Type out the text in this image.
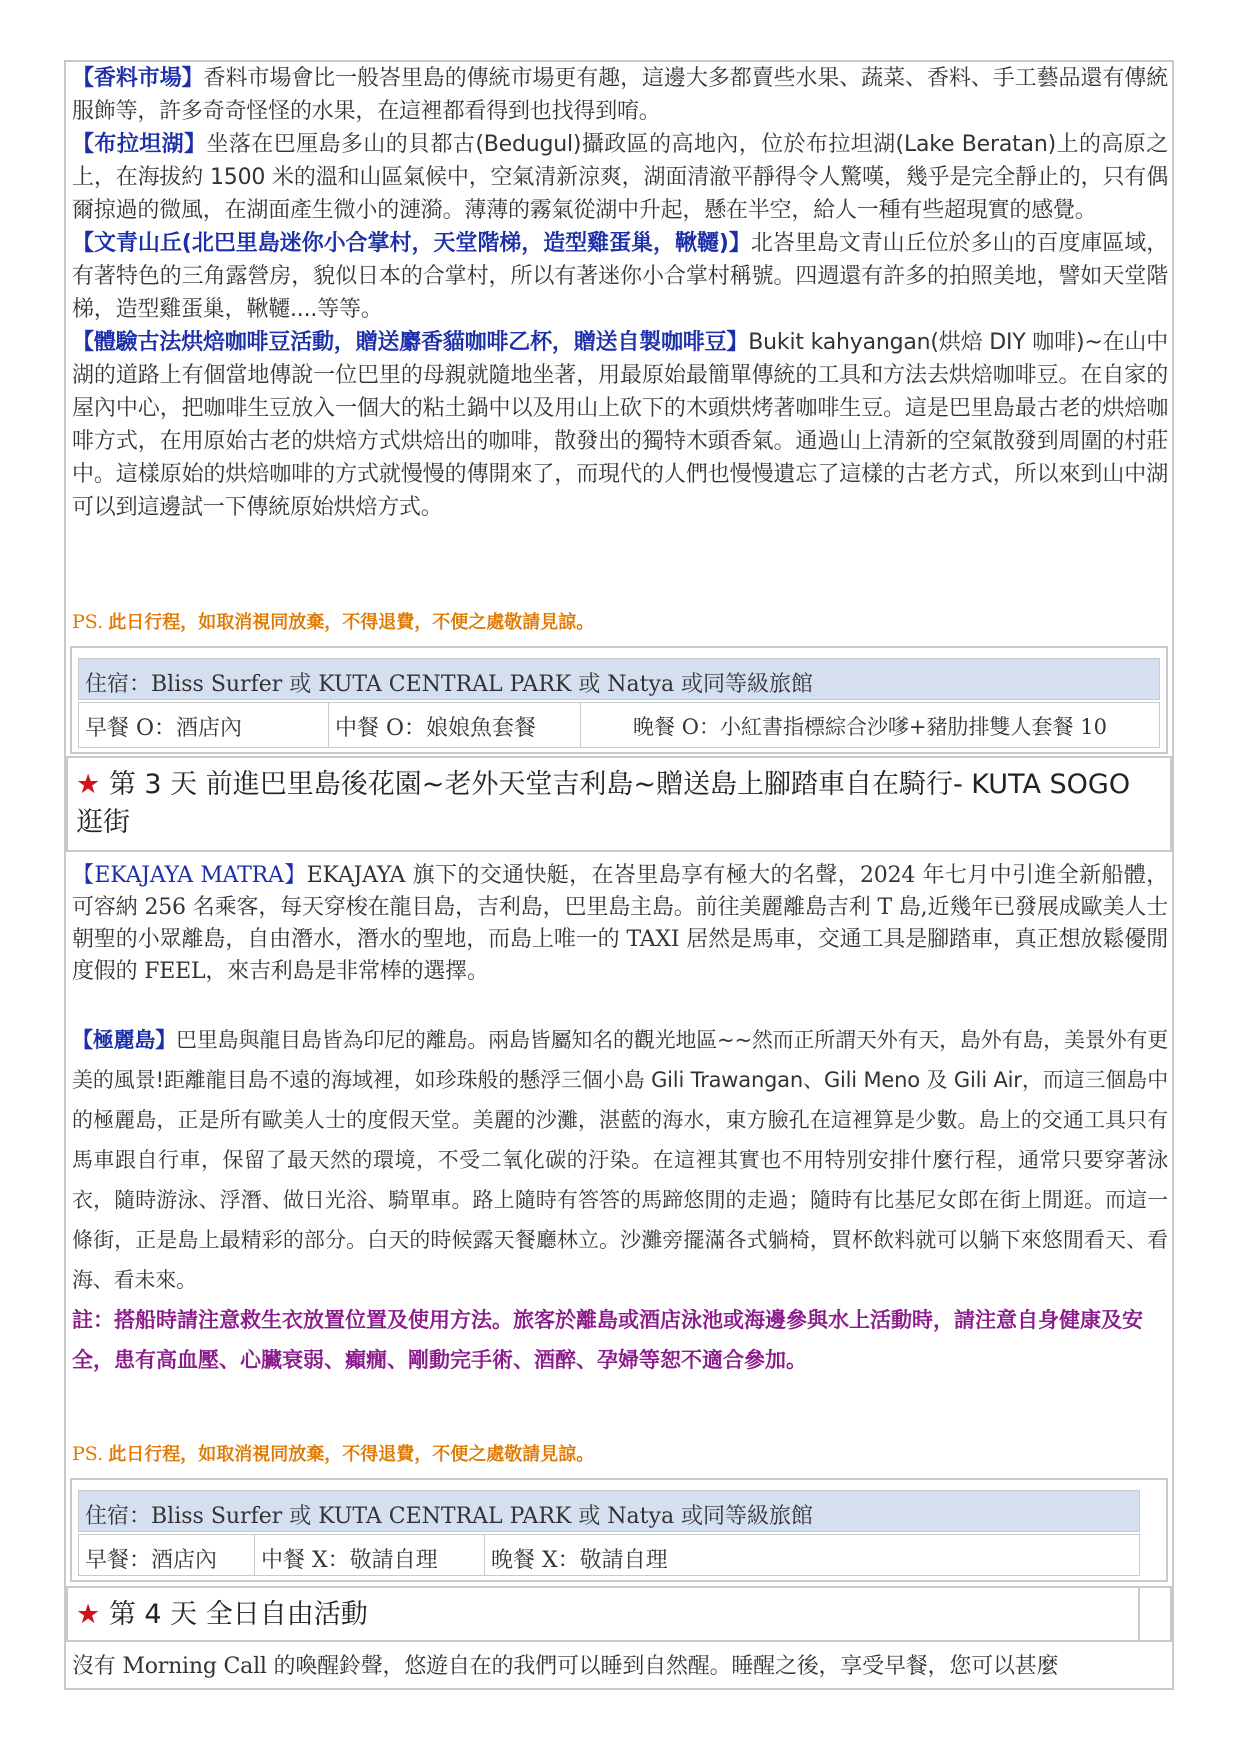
【香料市場】香料市場會比一般峇里島的傳統市場更有趣，這邊大多都賣些水果、蔬菜、香料、手工藝品還有傳統服飾等，許多奇奇怪怪的水果，在這裡都看得到也找得到唷。

【布拉坦湖】坐落在巴厘島多山的貝都古(Bedugul)攝政區的高地內，位於布拉坦湖(Lake Beratan)上的高原之上，在海拔約 1500 米的溫和山區氣候中，空氣清新涼爽，湖面清澈平靜得令人驚嘆，幾乎是完全靜止的，只有偶爾掠過的微風，在湖面產生微小的漣漪。薄薄的霧氣從湖中升起，懸在半空，給人一種有些超現實的感覺。

【文青山丘(北巴里島迷你小合掌村，天堂階梯，造型雞蛋巢，鞦韆)】北峇里島文青山丘位於多山的百度庫區域，有著特色的三角露營房，貌似日本的合掌村，所以有著迷你小合掌村稱號。四週還有許多的拍照美地，譬如天堂階梯，造型雞蛋巢，鞦韆....等等。

【體驗古法烘焙咖啡豆活動，贈送麝香貓咖啡乙杯，贈送自製咖啡豆】Bukit kahyangan(烘焙 DIY 咖啡)~在山中湖的道路上有個當地傳說一位巴里的母親就隨地坐著，用最原始最簡單傳統的工具和方法去烘焙咖啡豆。在自家的屋內中心，把咖啡生豆放入一個大的粘土鍋中以及用山上砍下的木頭烘烤著咖啡生豆。這是巴里島最古老的烘焙咖啡方式，在用原始古老的烘焙方式烘焙出的咖啡，散發出的獨特木頭香氣。通過山上清新的空氣散發到周圍的村莊中。這樣原始的烘焙咖啡的方式就慢慢的傳開來了，而現代的人們也慢慢遺忘了這樣的古老方式，所以來到山中湖可以到這邊試一下傳統原始烘焙方式。

PS. 此日行程，如取消視同放棄，不得退費，不便之處敬請見諒。
住宿：Bliss Surfer 或 KUTA CENTRAL PARK 或 Natya 或同等級旅館
早餐 O：酒店內	中餐 O：娘娘魚套餐	晚餐 O：小紅書指標綜合沙嗲+豬肋排雙人套餐 10
★ 第 3 天 前進巴里島後花園~老外天堂吉利島~贈送島上腳踏車自在騎行- KUTA SOGO 逛街

【EKAJAYA MATRA】EKAJAYA 旗下的交通快艇，在峇里島享有極大的名聲，2024 年七月中引進全新船體，可容納 256 名乘客，每天穿梭在龍目島，吉利島，巴里島主島。前往美麗離島吉利 T 島,近幾年已發展成歐美人士朝聖的小眾離島，自由潛水，潛水的聖地，而島上唯一的 TAXI 居然是馬車，交通工具是腳踏車，真正想放鬆優閒度假的 FEEL，來吉利島是非常棒的選擇。

【極麗島】巴里島與龍目島皆為印尼的離島。兩島皆屬知名的觀光地區~~然而正所謂天外有天，島外有島，美景外有更美的風景!距離龍目島不遠的海域裡，如珍珠般的懸浮三個小島 Gili Trawangan、Gili Meno 及 Gili Air，而這三個島中的極麗島，正是所有歐美人士的度假天堂。美麗的沙灘，湛藍的海水，東方臉孔在這裡算是少數。島上的交通工具只有馬車跟自行車，保留了最天然的環境，不受二氧化碳的汙染。在這裡其實也不用特別安排什麼行程，通常只要穿著泳衣，隨時游泳、浮潛、做日光浴、騎單車。路上隨時有答答的馬蹄悠閒的走過；隨時有比基尼女郎在街上閒逛。而這一條街，正是島上最精彩的部分。白天的時候露天餐廳林立。沙灘旁擺滿各式躺椅，買杯飲料就可以躺下來悠閒看天、看海、看未來。

註：搭船時請注意救生衣放置位置及使用方法。旅客於離島或酒店泳池或海邊參與水上活動時，請注意自身健康及安全，患有高血壓、心臟衰弱、癲癇、剛動完手術、酒醉、孕婦等恕不適合參加。

PS. 此日行程，如取消視同放棄，不得退費，不便之處敬請見諒。
住宿：Bliss Surfer 或 KUTA CENTRAL PARK 或 Natya 或同等級旅館
早餐：酒店內	中餐 X：敬請自理	晚餐 X：敬請自理
★ 第 4 天 全日自由活動

沒有 Morning Call 的喚醒鈴聲，悠遊自在的我們可以睡到自然醒。睡醒之後，享受早餐，您可以甚麼
